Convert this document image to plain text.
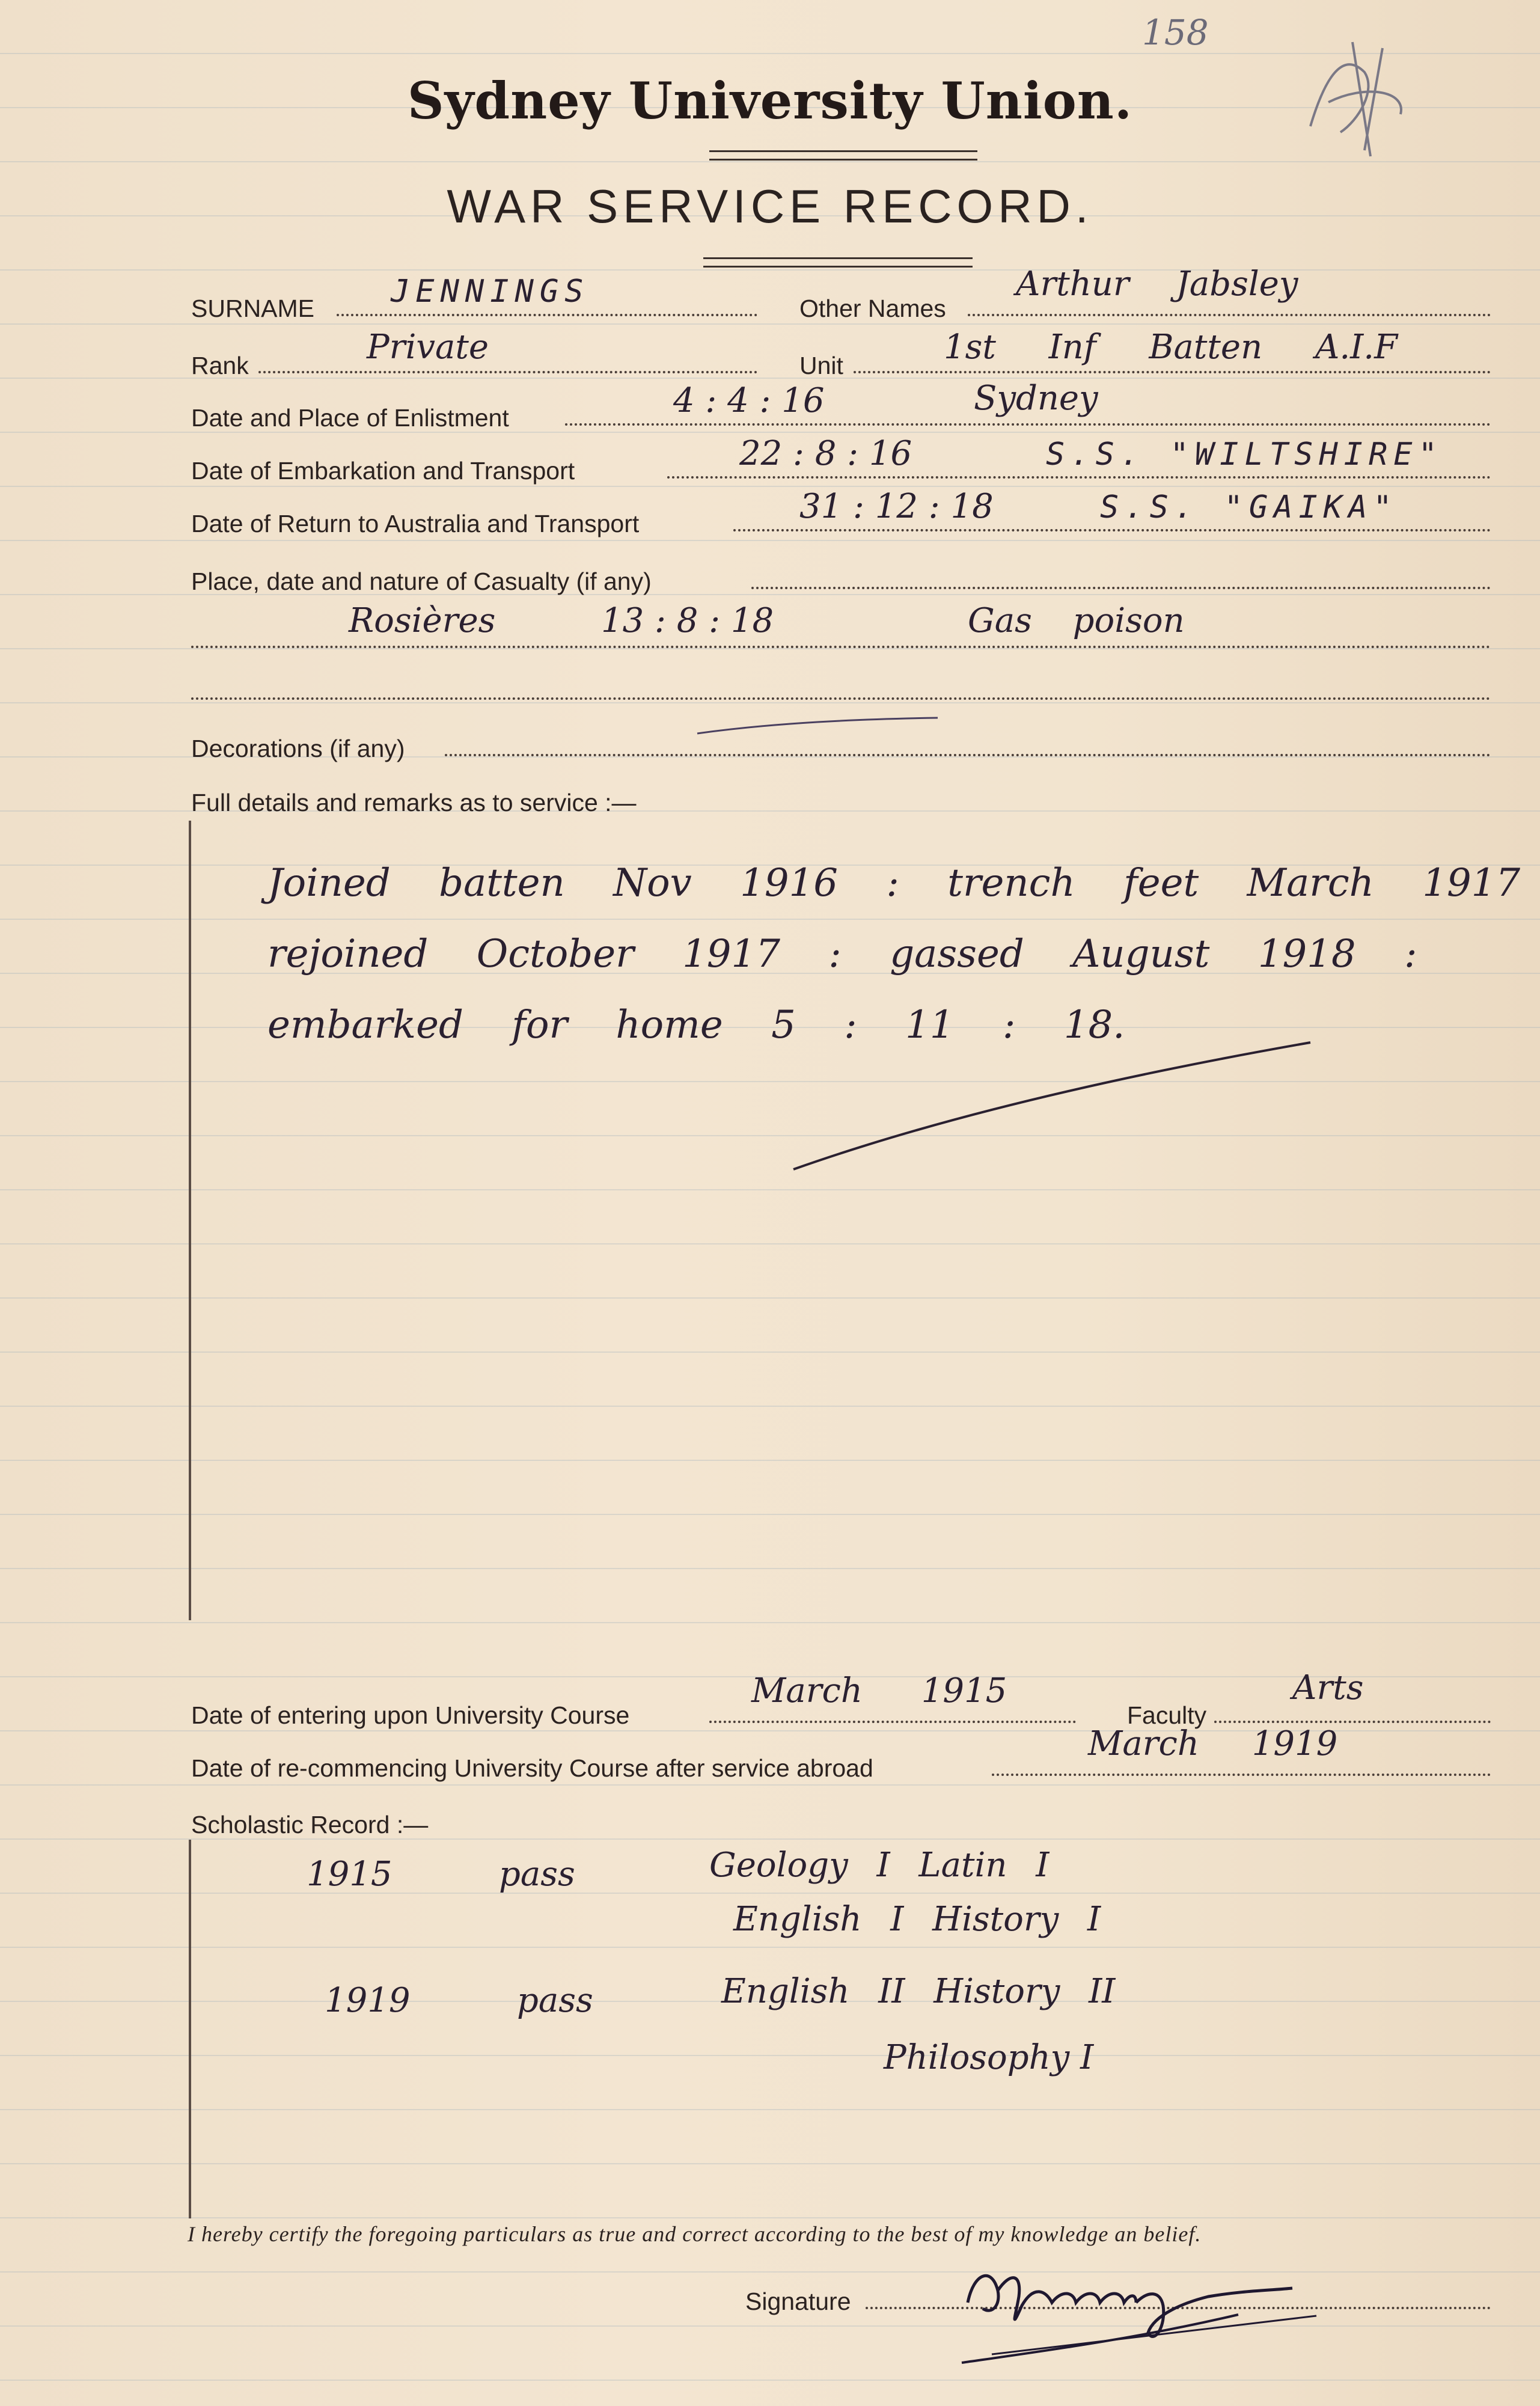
Sydney University Union.
158
WAR SERVICE RECORD.
SURNAME JENNINGS	Other Names
Arthur Jabsley
Rank	Private	Unit	1st Inf Batten A.I.F
Date and Place of Enlistment	4 : 4 : 16	Sydney
Date of Embarkation and Transport	22 : 8 : 16	S.S. "WILTSHIRE"
Date of Return to Australia and Transport	31 : 12 : 18	S.S. "GAIKA"
Place, date and nature of Casualty (if any)
Rosières	13 : 8 : 18	Gas poison
Decorations (if any)
Full details and remarks as to service :—
Joined batten Nov 1916 : trench feet March 1917
rejoined October 1917 : gassed August 1918 :
embarked for home 5 : 11 : 18.
Date of entering upon University Course
March 1915
Faculty
Arts
Date of re-commencing University Course after service abroad
March 1919
Scholastic Record :—
1915	pass	Geology I Latin I
English I History I
1919	pass	English II History II
Philosophy I
I hereby certify the foregoing particulars as true and correct according to the best of my knowledge an belief.
Signature
